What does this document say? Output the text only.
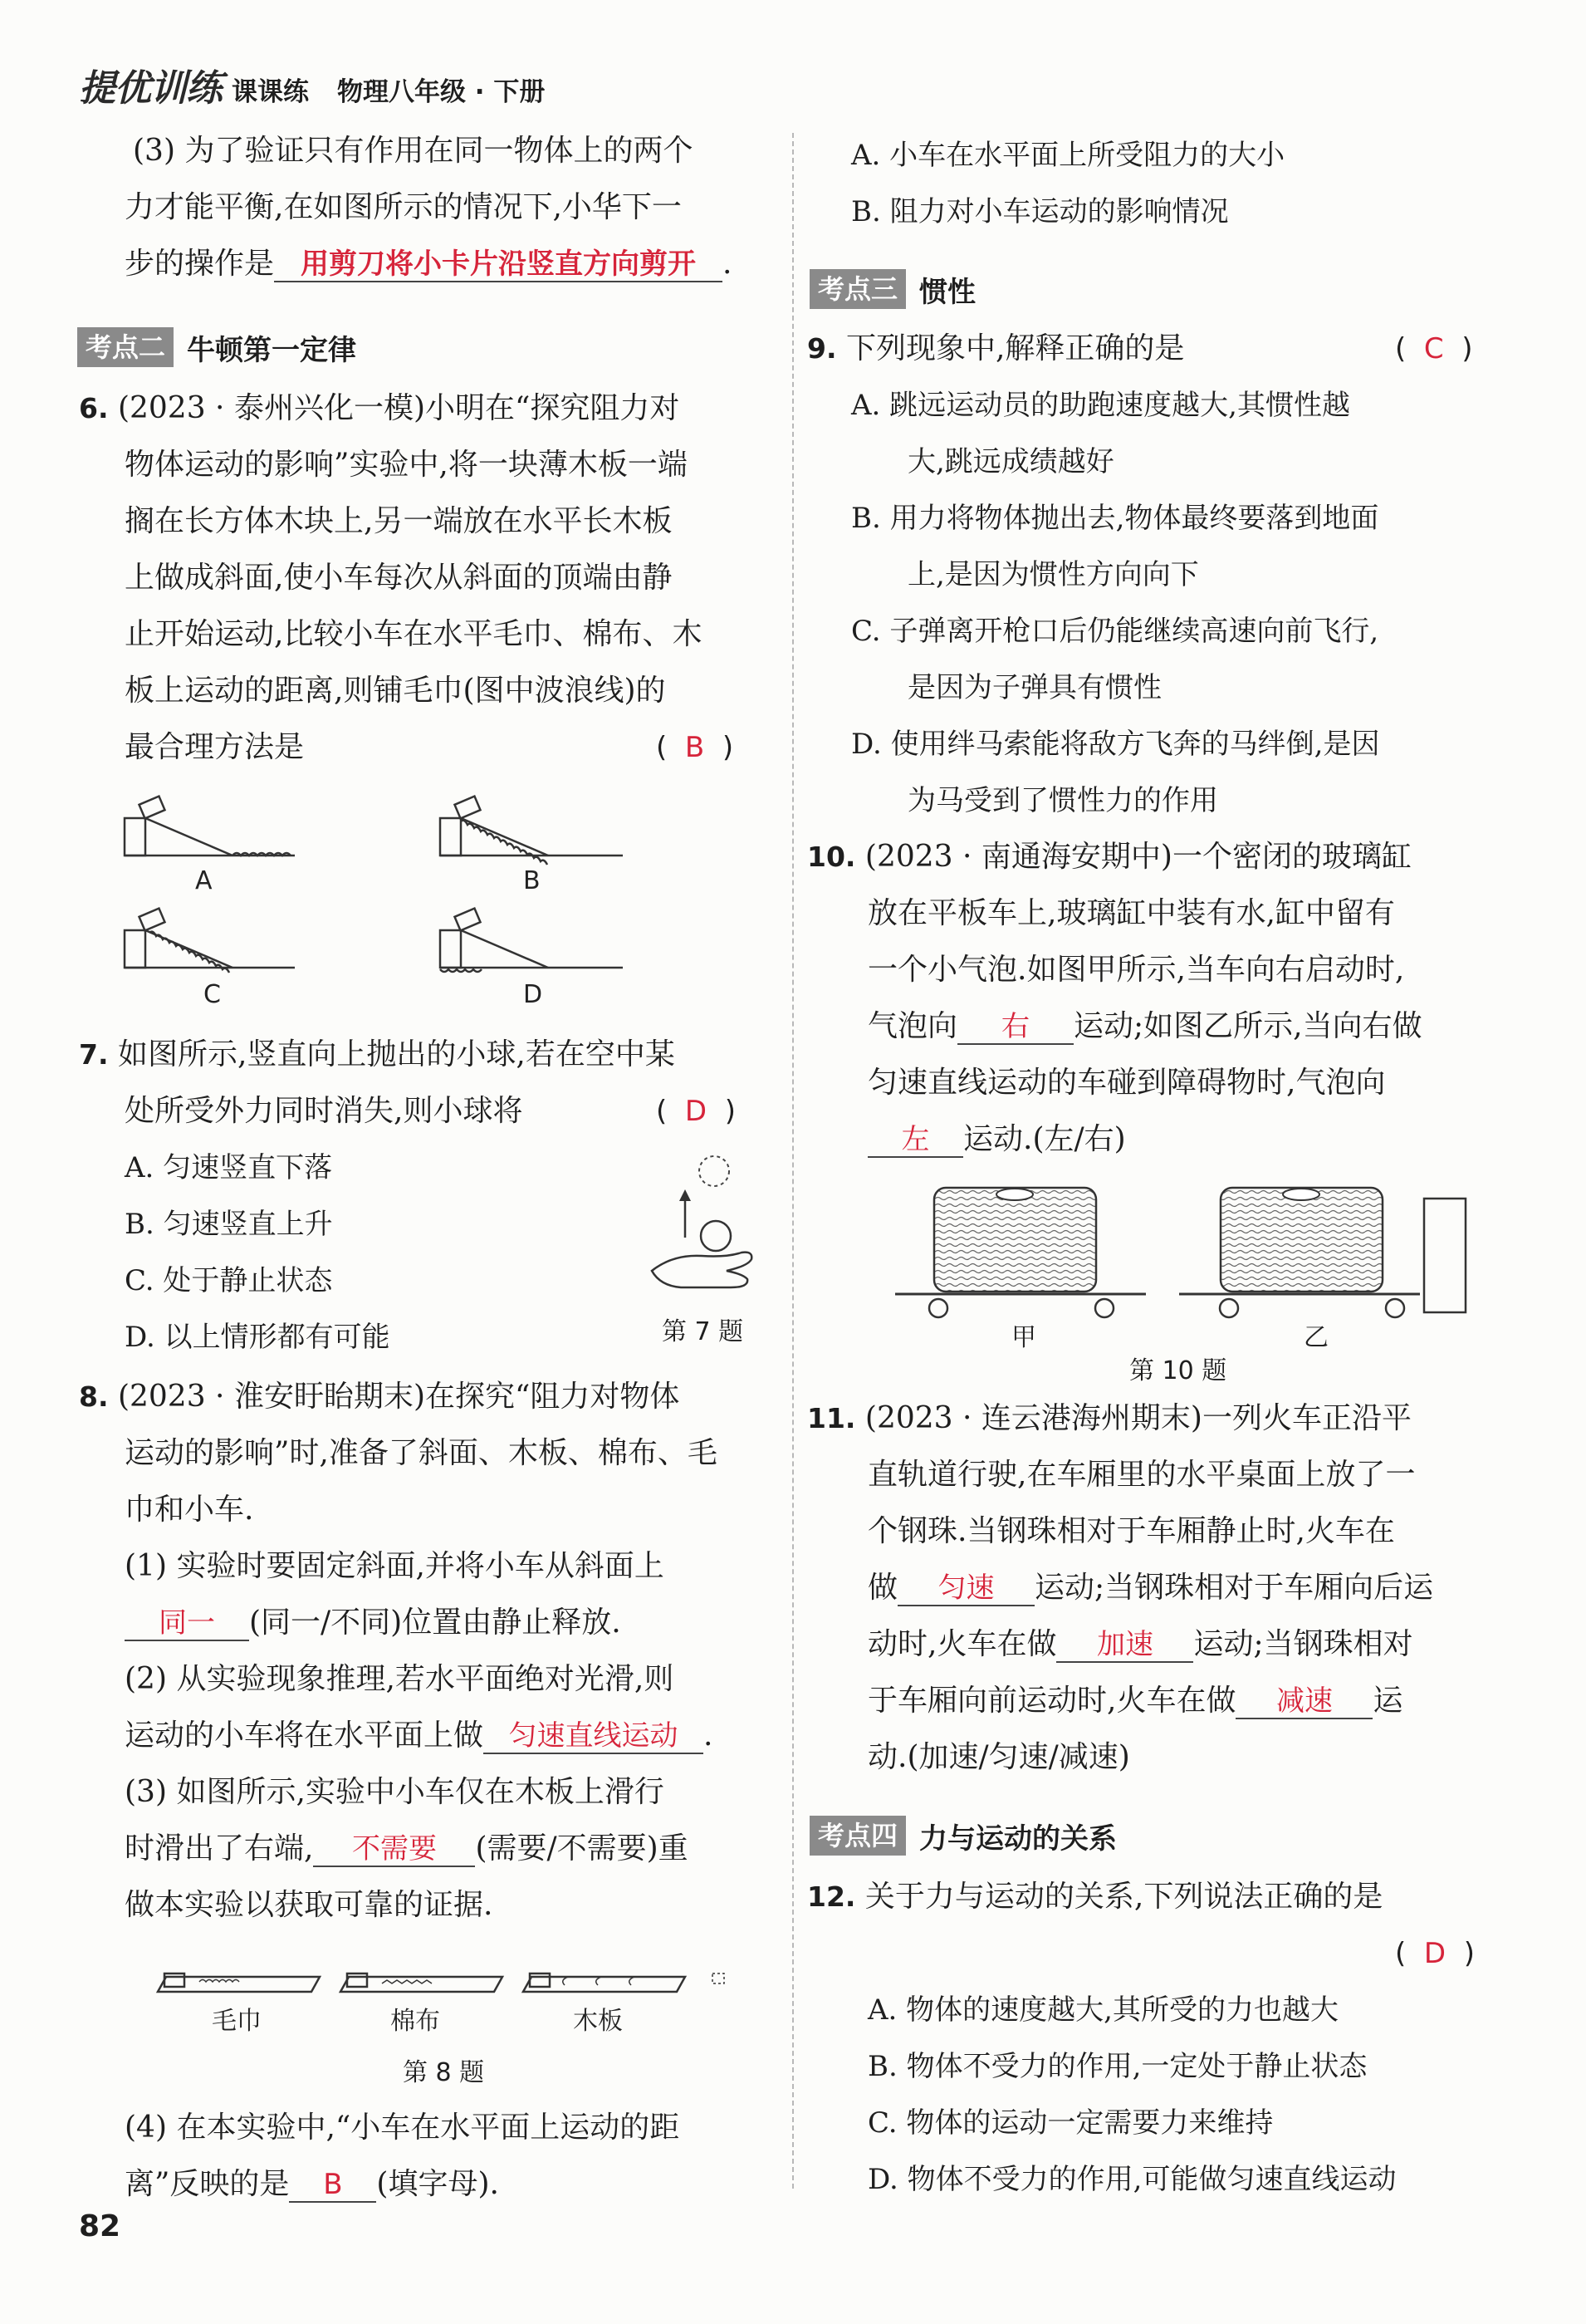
提优训练 课课练 物理八年级 · 下册
(3) 为了验证只有作用在同一物体上的两个
力才能平衡,在如图所示的情况下,小华下一
步的操作是 用剪刀将小卡片沿竖直方向剪开 .
考点二 牛顿第一定律
6. (2023 · 泰州兴化一模)小明在“探究阻力对
物体运动的影响”实验中,将一块薄木板一端
搁在长方体木块上,另一端放在水平长木板
上做成斜面,使小车每次从斜面的顶端由静
止开始运动,比较小车在水平毛巾、棉布、木
板上运动的距离,则铺毛巾(图中波浪线)的
最合理方法是	(  B  )
A	B
C	D
7. 如图所示,竖直向上抛出的小球,若在空中某
处所受外力同时消失,则小球将	(  D  )
A. 匀速竖直下落
B. 匀速竖直上升
C. 处于静止状态
D. 以上情形都有可能	第 7 题
8. (2023 · 淮安盱眙期末)在探究“阻力对物体
运动的影响”时,准备了斜面、木板、棉布、毛
巾和小车.
(1) 实验时要固定斜面,并将小车从斜面上
同一 (同一/不同)位置由静止释放.
(2) 从实验现象推理,若水平面绝对光滑,则
运动的小车将在水平面上做 匀速直线运动 .
(3) 如图所示,实验中小车仅在木板上滑行
时滑出了右端, 不需要 (需要/不需要)重
做本实验以获取可靠的证据.
毛巾	棉布	木板
第 8 题
(4) 在本实验中,“小车在水平面上运动的距
离”反映的是 B (填字母).
A. 小车在水平面上所受阻力的大小
B. 阻力对小车运动的影响情况
考点三 惯性
9. 下列现象中,解释正确的是	(  C  )
A. 跳远运动员的助跑速度越大,其惯性越
大,跳远成绩越好
B. 用力将物体抛出去,物体最终要落到地面
上,是因为惯性方向向下
C. 子弹离开枪口后仍能继续高速向前飞行,
是因为子弹具有惯性
D. 使用绊马索能将敌方飞奔的马绊倒,是因
为马受到了惯性力的作用
10. (2023 · 南通海安期中)一个密闭的玻璃缸
放在平板车上,玻璃缸中装有水,缸中留有
一个小气泡.如图甲所示,当车向右启动时,
气泡向 右 运动;如图乙所示,当向右做
匀速直线运动的车碰到障碍物时,气泡向
左 运动.(左/右)
甲	乙
第 10 题
11. (2023 · 连云港海州期末)一列火车正沿平
直轨道行驶,在车厢里的水平桌面上放了一
个钢珠.当钢珠相对于车厢静止时,火车在
做 匀速 运动;当钢珠相对于车厢向后运
动时,火车在做 加速 运动;当钢珠相对
于车厢向前运动时,火车在做 减速 运
动.(加速/匀速/减速)
考点四 力与运动的关系
12. 关于力与运动的关系,下列说法正确的是
(  D  )
A. 物体的速度越大,其所受的力也越大
B. 物体不受力的作用,一定处于静止状态
C. 物体的运动一定需要力来维持
D. 物体不受力的作用,可能做匀速直线运动
82
